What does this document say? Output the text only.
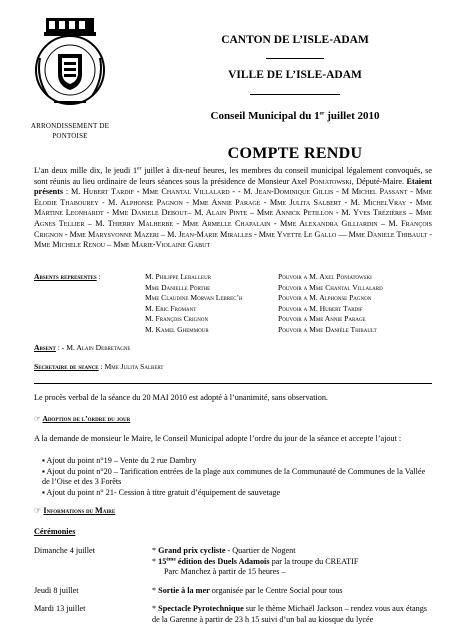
ARRONDISSEMENT DE
PONTOISE
CANTON DE L’ISLE-ADAM
VILLE DE L’ISLE-ADAM
Conseil Municipal du 1er juillet 2010
COMPTE RENDU
L’an deux mille dix, le jeudi 1er juillet à dix-neuf heures, les membres du conseil municipal légalement convoqués, se sont réunis au lieu ordinaire de leurs séances sous la présidence de Monsieur Axel Poniatowski, Député-Maire. Etaient présents : M. Hubert Tardif - Mme Chantal Villalard - - M. Jean-Dominique Gillis - M Michel Passant - Mme Elodie Thabourey - M. Alphonse Pagnon - Mme Annie Parage - Mme Julita Salbert - M. MichelVray - Mme Martine Leonhardt - Mme Daniele Debout– M. Alain Pinte – Mme Annick Petillon - M. Yves Trézières – Mme Agnes Tellier – M. Thierry Malherbe - Mme Armelle Chapalain - Mme Alexandra Gilliardin – M. François Crignon - Mme Marysvonne Mazeri – M. Jean-Marie Miralles - Mme Yvette Le Gallo — Mme Daniele Thibault - Mme Michele Renou – Mme Marie-Violaine Gabut
Absents representes :	M. Philippe Leballeur	Pouvoir a M. Axel Poniatowski
Mme Danielle Porthe	Pouvoir a Mme Chantal Villalard
Mme Claudine Morvan Lebrec’h	Pouvoir a M. Alphonse Pagnon
M. Eric Fromant	Pouvoir a M. Hubert Tardif
M. François Crignon	Pouvoir a Mme Annie Parage
M. Kamel Ghemmour	Pouvoir a Mme Danièle Thibault
Absent : - M. Alain Debretagne
Secretaire de seance : Mme Julita Salbert
Le procès verbal de la séance du 20 MAI 2010 est adopté à l’unanimité, sans observation.
☞ Adoption de l’ordre du jour
A la demande de monsieur le Maire, le Conseil Municipal adopte l’ordre du jour de la séance et accepte l’ajout :
▪ Ajout du point n°19 – Vente du 2 rue Dambry
▪ Ajout du point n°20 – Tarification entrées de la plage aux communes de la Communauté de Communes de la Vallée de l’Oise et des 3 Forêts
▪ Ajout du point n° 21- Cession à titre gratuit d’équipement de sauvetage
☞ Informations du Maire
Cérémonies
Dimanche 4 juillet	* Grand prix cycliste - Quartier de Nogent
* 15ème édition des Duels Adamois par la troupe du CREATIF
Parc Manchez à partir de 15 heures –
Jeudi 8 juillet	* Sortie à la mer organisée par le Centre Social pour tous
Mardi 13 juillet	* Spectacle Pyrotechnique sur le thème Michaël Jackson – rendez vous aux étangs de la Garenne à partir de 23 h 15 suivi d’un bal au kiosque du lycée
